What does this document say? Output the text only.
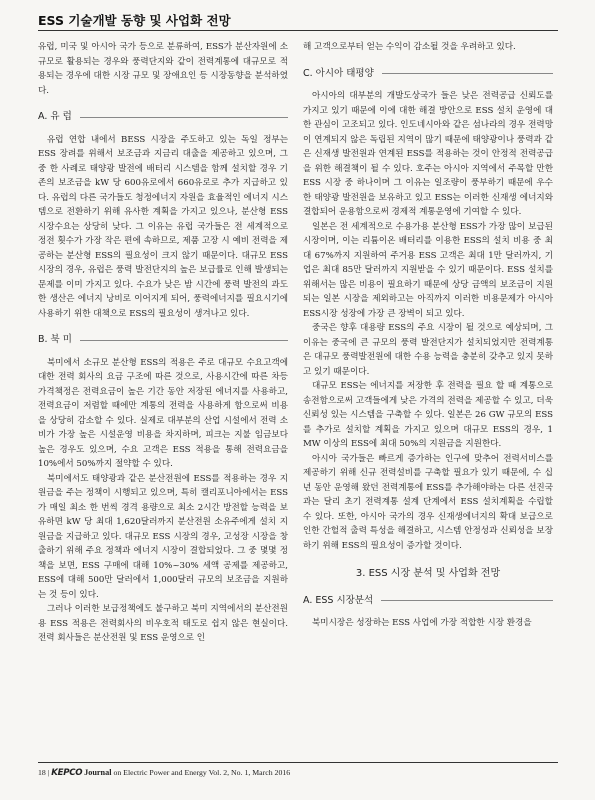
ESS 기술개발 동향 및 사업화 전망

유럽, 미국 및 아시아 국가 등으로 분류하여, ESS가 분산자원에 소규모로 활용되는 경우와 풍력단지와 같이 전력계통에 대규모로 적용되는 경우에 대한 시장 규모 및 장애요인 등 시장동향을 분석하였다.

A. 유 럽

유럽 연합 내에서 BESS 시장을 주도하고 있는 독일 정부는 ESS 장려를 위해서 보조금과 지금리 대출을 제공하고 있으며, 그중 한 사례로 태양광 발전에 배터리 시스템을 함께 설치할 경우 기존의 보조금을 kW 당 600유로에서 660유로로 추가 지급하고 있다. 유럽의 다른 국가들도 청정에너지 자원을 효율적인 에너지 시스템으로 전환하기 위해 유사한 계획을 가지고 있으나, 분산형 ESS 시장수요는 상당히 낮다. 그 이유는 유럽 국가들은 전 세계적으로 정전 횟수가 가장 작은 편에 속하므로, 제품 고장 시 예비 전력을 제공하는 분산형 ESS의 필요성이 크지 않기 때문이다. 대규모 ESS 시장의 경우, 유럽은 풍력 발전단지의 높은 보급률로 인해 발생되는 문제를 이미 가지고 있다. 수요가 낮은 밤 시간에 풍력 발전의 과도한 생산은 에너지 낭비로 이어지게 되어, 풍력에너지를 필요시기에 사용하기 위한 대책으로 ESS의 필요성이 생겨나고 있다.

B. 북 미

북미에서 소규모 분산형 ESS의 적용은 주로 대규모 수요고객에 대한 전력 회사의 요금 구조에 따른 것으로, 사용시간에 따른 차등 가격책정은 전력요금이 높은 기간 동안 저장된 에너지를 사용하고, 전력요금이 저렴할 때에만 계통의 전력을 사용하게 함으로써 비용을 상당히 감소할 수 있다. 실제로 대부분의 산업 시설에서 전력 소비가 가장 높은 시설운영 비용을 차지하며, 피크는 지불 임금보다 높은 경우도 있으며, 수요 고객은 ESS 적용을 통해 전력요금을 10%에서 50%까지 절약할 수 있다.

북미에서도 태양광과 같은 분산전원에 ESS를 적용하는 경우 지원금을 주는 정책이 시행되고 있으며, 특히 캘리포니아에서는 ESS가 매일 최소 한 번씩 경격 용량으로 최소 2시간 방전할 능력을 보유하면 kW 당 최대 1,620달러까지 분산전원 소유주에게 설치 지원금을 지급하고 있다. 대규모 ESS 시장의 경우, 고성장 시장을 창출하기 위해 주요 정책과 에너지 시장이 결합되었다. 그 중 몇몇 정책을 보면, ESS 구매에 대해 10%~30% 세액 공제를 제공하고, ESS에 대해 500만 달러에서 1,000달러 규모의 보조금을 지원하는 것 등이 있다.

그러나 이러한 보급정책에도 불구하고 북미 지역에서의 분산전원용 ESS 적용은 전력회사의 비우호적 태도로 쉽지 않은 현실이다. 전력 회사들은 분산전원 및 ESS 운영으로 인

해 고객으로부터 얻는 수익이 감소될 것을 우려하고 있다.

C. 아시아 태평양

아시아의 대부분의 개발도상국가 들은 낮은 전력공급 신뢰도를 가지고 있기 때문에 이에 대한 해결 방안으로 ESS 설치 운영에 대한 관심이 고조되고 있다. 인도네시아와 같은 섬나라의 경우 전력망이 연계되지 않은 독립된 지역이 많기 때문에 태양광이나 풍력과 같은 신재생 발전원과 연계된 ESS를 적용하는 것이 안정적 전력공급을 위한 해결책이 될 수 있다. 호주는 아시아 지역에서 주목할 만한 ESS 시장 중 하나이며 그 이유는 일조량이 풍부하기 때문에 우수한 태양광 발전원을 보유하고 있고 ESS는 이러한 신재생 에너지와 결합되어 운용함으로써 경제적 계통운영에 기여할 수 있다.

일본은 전 세계적으로 수용가용 분산형 ESS가 가장 많이 보급된 시장이며, 이는 리튬이온 배터리를 이용한 ESS의 설치 비용 중 최대 67%까지 지원하여 주거용 ESS 고객은 최대 1만 달러까지, 기업은 최대 85만 달러까지 지원받을 수 있기 때문이다. ESS 설치를 위해서는 많은 비용이 필요하기 때문에 상당 금액의 보조금이 지원되는 일본 시장을 제외하고는 아직까지 이러한 비용문제가 아시아 ESS시장 성장에 가장 큰 장벽이 되고 있다.

중국은 향후 대용량 ESS의 주요 시장이 될 것으로 예상되며, 그 이유는 중국에 큰 규모의 풍력 발전단지가 설치되었지만 전력계통은 대규모 풍력발전원에 대한 수용 능력을 충분히 갖추고 있지 못하고 있기 때문이다.

대규모 ESS는 에너지를 저장한 후 전력을 필요 할 때 계통으로 송전함으로써 고객들에게 낮은 가격의 전력을 제공할 수 있고, 더욱 신뢰성 있는 시스템을 구축할 수 있다. 일본은 26 GW 규모의 ESS를 추가로 설치할 계획을 가지고 있으며 대규모 ESS의 경우, 1 MW 이상의 ESS에 최대 50%의 지원금을 지원한다.

아시아 국가들은 빠르게 증가하는 인구에 맞추어 전력서비스를 제공하기 위해 신규 전력설비를 구축할 필요가 있기 때문에, 수 십년 동안 운영해 왔던 전력계통에 ESS를 추가해야하는 다른 선진국과는 달리 초기 전력계통 설계 단계에서 ESS 설치계획을 수립할 수 있다. 또한, 아시아 국가의 경우 신재생에너지의 확대 보급으로 인한 간헐적 출력 특성을 해결하고, 시스템 안정성과 신뢰성을 보장하기 위해 ESS의 필요성이 증가할 것이다.

3. ESS 시장 분석 및 사업화 전망
A. ESS 시장분석

북미시장은 성장하는 ESS 사업에 가장 적합한 시장 환경을

18 | KEPCO Journal on Electric Power and Energy Vol. 2, No. 1, March 2016
